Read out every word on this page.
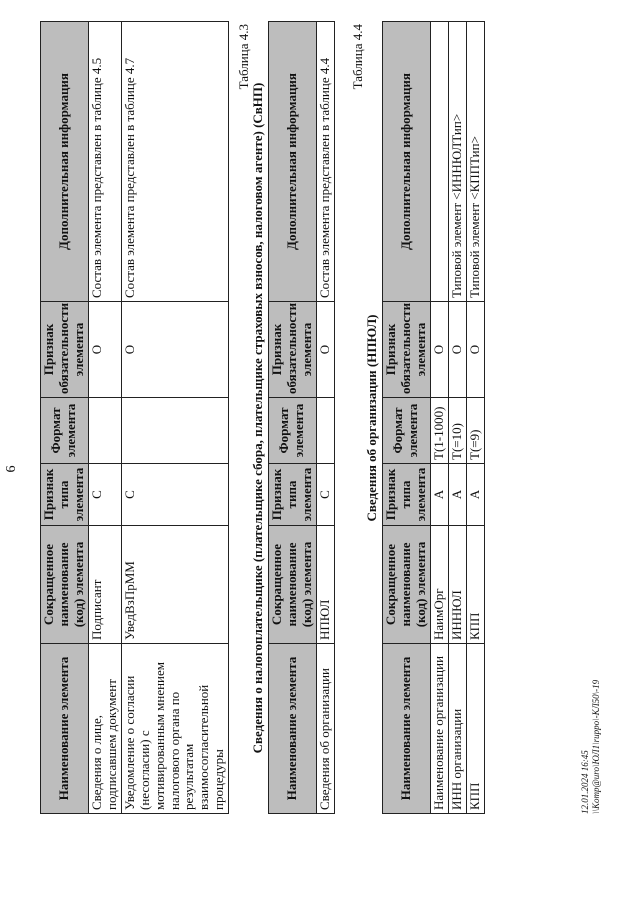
6
Наименование элемента	Сокращенное наименование (код) элемента	Признак типа элемента	Формат элемента	Признак обязательности элемента	Дополнительная информация
Сведения о лице, подписавшем документ	Подписант	С		О	Состав элемента представлен в таблице 4.5
Уведомление о согласии (несогласии) с мотивированным мнением налогового органа по результатам взаимосогласительной процедуры	УведВзПрММ	С		О	Состав элемента представлен в таблице 4.7
Таблица 4.3
Сведения о налогоплательщике (плательщике сбора, плательщике страховых взносов, налоговом агенте) (СвНП) Наименование элемента	Сокращенное наименование (код) элемента	Признак типа элемента	Формат элемента	Признак обязательности элемента	Дополнительная информация
Сведения об организации	НПЮЛ	С		О	Состав элемента представлен в таблице 4.4
Таблица 4.4
Сведения об организации (НПЮЛ)
Наименование элемента	Сокращенное наименование (код) элемента	Признак типа элемента	Формат элемента	Признак обязательности элемента	Дополнительная информация
Наименование организации	НаимОрг	А	T(1-1000)	О	
ИНН организации	ИННЮЛ	А	T(=10)	О	Типовой элемент <ИННЮЛТип>
КПП	КПП	А	T(=9)	О	Типовой элемент <КППТип>
12.01.2024 16:45 \\Komp@uro\ЮЛ1\ruppo\-КЛ50\-19
